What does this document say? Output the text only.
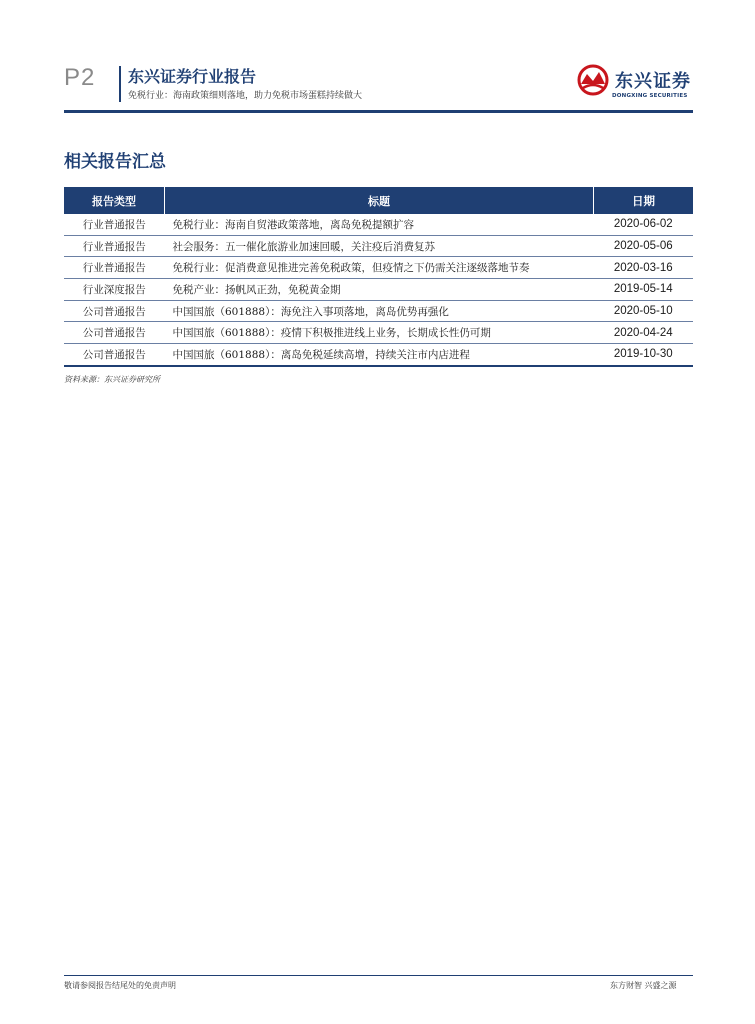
P2 东兴证券行业报告
免税行业：海南政策细则落地，助力免税市场蛋糕持续做大
东兴证券
DONGXING SECURITIES
相关报告汇总
报告类型	标题	日期
行业普通报告	免税行业：海南自贸港政策落地，离岛免税提额扩容	2020-06-02
行业普通报告	社会服务：五一催化旅游业加速回暖，关注疫后消费复苏	2020-05-06
行业普通报告	免税行业：促消费意见推进完善免税政策，但疫情之下仍需关注逐级落地节奏	2020-03-16
行业深度报告	免税产业：扬帆风正劲，免税黄金期	2019-05-14
公司普通报告	中国国旅（601888）：海免注入事项落地，离岛优势再强化	2020-05-10
公司普通报告	中国国旅（601888）：疫情下积极推进线上业务，长期成长性仍可期	2020-04-24
公司普通报告	中国国旅（601888）：离岛免税延续高增，持续关注市内店进程	2019-10-30
资料来源：东兴证券研究所
敬请参阅报告结尾处的免责声明	东方财智 兴盛之源
